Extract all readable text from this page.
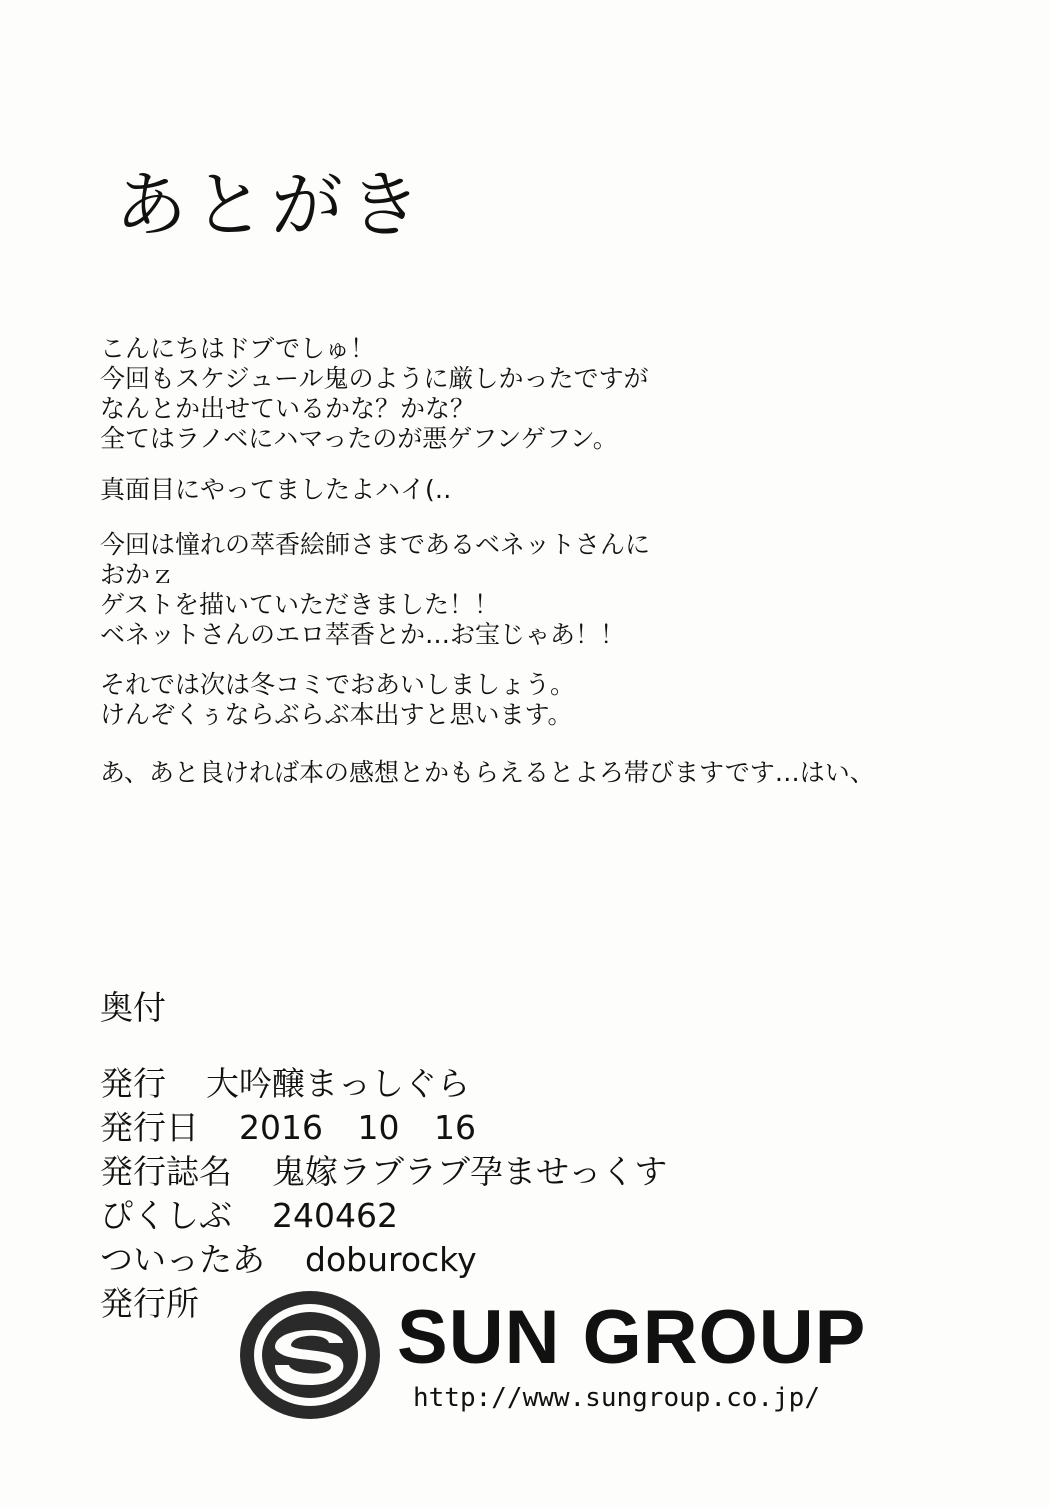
あとがき
こんにちはドブでしゅ！
今回もスケジュール鬼のように厳しかったですが
なんとか出せているかな？かな？
全てはラノベにハマったのが悪ゲフンゲフン。
真面目にやってましたよハイ(‥
今回は憧れの萃香絵師さまであるベネットさんに
おかｚ
ゲストを描いていただきました！！
ベネットさんのエロ萃香とか…お宝じゃあ！！
それでは次は冬コミでおあいしましょう。
けんぞくぅならぶらぶ本出すと思います。
あ、あと良ければ本の感想とかもらえるとよろ帯びますです…はい、
奥付
発行 大吟醸まっしぐら
発行日 2016 10 16
発行誌名 鬼嫁ラブラブ孕ませっくす
ぴくしぶ 240462
ついったあ doburocky
発行所	SUN GROUP
http://www.sungroup.co.jp/
